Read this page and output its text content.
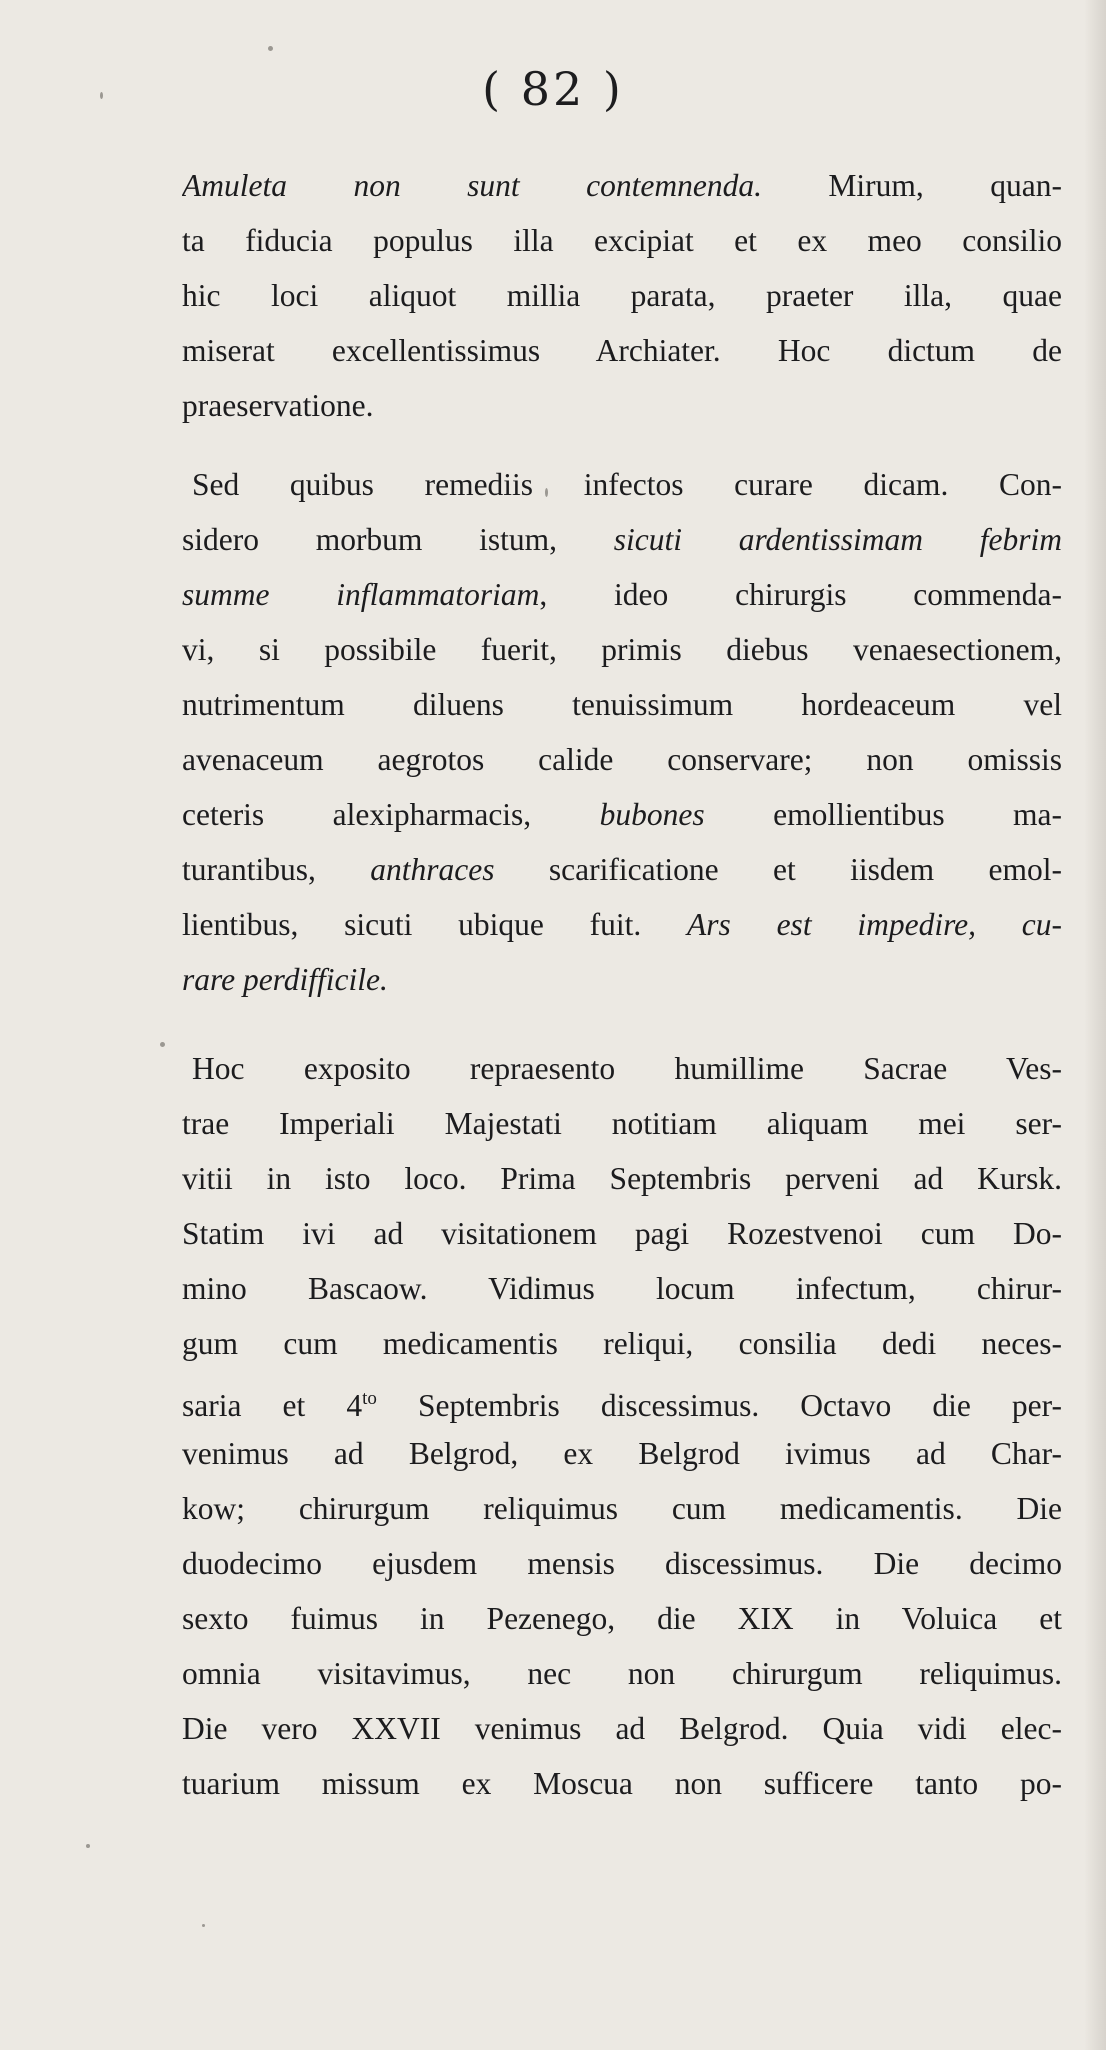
( 82 )
Amuleta non sunt contemnenda. Mirum, quan-
ta fiducia populus illa excipiat et ex meo consilio
hic loci aliquot millia parata, praeter illa, quae
miserat excellentissimus Archiater. Hoc dictum de
praeservatione.
Sed quibus remediis infectos curare dicam. Con-
sidero morbum istum, sicuti ardentissimam febrim
summe inflammatoriam, ideo chirurgis commenda-
vi, si possibile fuerit, primis diebus venaesectionem,
nutrimentum diluens tenuissimum hordeaceum vel
avenaceum aegrotos calide conservare; non omissis
ceteris alexipharmacis, bubones emollientibus ma-
turantibus, anthraces scarificatione et iisdem emol-
lientibus, sicuti ubique fuit. Ars est impedire, cu-
rare perdifficile.
Hoc exposito repraesento humillime Sacrae Ves-
trae Imperiali Majestati notitiam aliquam mei ser-
vitii in isto loco. Prima Septembris perveni ad Kursk.
Statim ivi ad visitationem pagi Rozestvenoi cum Do-
mino Bascaow. Vidimus locum infectum, chirur-
gum cum medicamentis reliqui, consilia dedi neces-
saria et $4^{to}$ Septembris discessimus. Octavo die per-
venimus ad Belgrod, ex Belgrod ivimus ad Char-
kow; chirurgum reliquimus cum medicamentis. Die
duodecimo ejusdem mensis discessimus. Die decimo
sexto fuimus in Pezenego, die XIX in Voluica et
omnia visitavimus, nec non chirurgum reliquimus.
Die vero XXVII venimus ad Belgrod. Quia vidi elec-
tuarium missum ex Moscua non sufficere tanto po-
